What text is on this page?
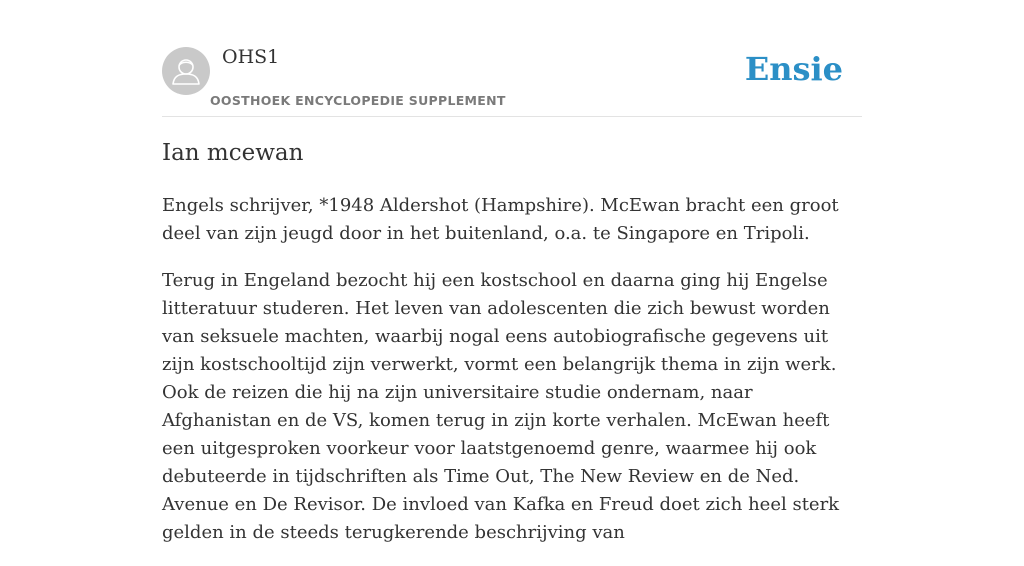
OHS1
OOSTHOEK ENCYCLOPEDIE SUPPLEMENT
Ensie
Ian mcewan

Engels schrijver, *1948 Aldershot (Hampshire). McEwan bracht een groot deel van zijn jeugd door in het buitenland, o.a. te Singapore en Tripoli.

Terug in Engeland bezocht hij een kostschool en daarna ging hij Engelse litteratuur studeren. Het leven van adolescenten die zich bewust worden van seksuele machten, waarbij nogal eens autobiografische gegevens uit zijn kostschooltijd zijn verwerkt, vormt een belangrijk thema in zijn werk. Ook de reizen die hij na zijn universitaire studie ondernam, naar Afghanistan en de VS, komen terug in zijn korte verhalen. McEwan heeft een uitgesproken voorkeur voor laatstgenoemd genre, waarmee hij ook debuteerde in tijdschriften als Time Out, The New Review en de Ned. Avenue en De Revisor. De invloed van Kafka en Freud doet zich heel sterk gelden in de steeds terugkerende beschrijving van
